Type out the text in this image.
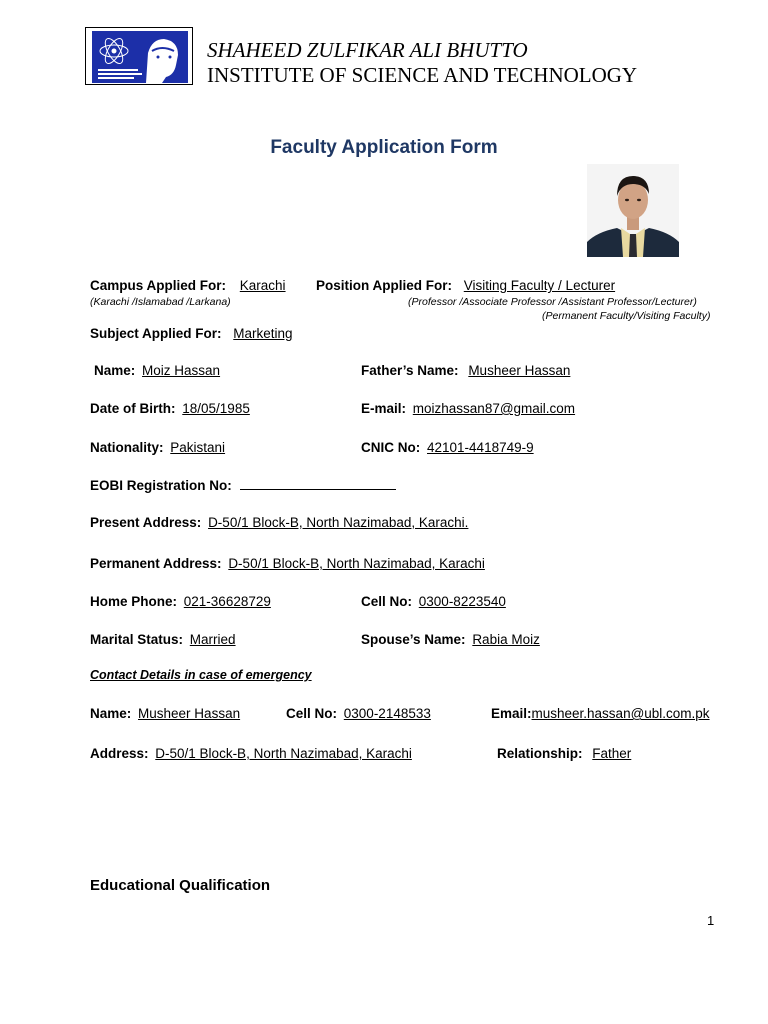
SHAHEED ZULFIKAR ALI BHUTTO
INSTITUTE OF SCIENCE AND TECHNOLOGY
Faculty Application Form
Campus Applied For: Karachi
(Karachi /Islamabad /Larkana)
Position Applied For: Visiting Faculty / Lecturer
(Professor /Associate Professor /Assistant Professor/Lecturer)
(Permanent Faculty/Visiting Faculty)
Subject Applied For: Marketing
Name: Moiz Hassan	Father’s Name: Musheer Hassan
Date of Birth: 18/05/1985	E-mail: moizhassan87@gmail.com
Nationality: Pakistani	CNIC No: 42101-4418749-9
EOBI Registration No:
Present Address: D-50/1 Block-B, North Nazimabad, Karachi.
Permanent Address: D-50/1 Block-B, North Nazimabad, Karachi
Home Phone: 021-36628729	Cell No: 0300-8223540
Marital Status: Married	Spouse’s Name: Rabia Moiz
Contact Details in case of emergency
Name: Musheer Hassan	Cell No: 0300-2148533	Email:musheer.hassan@ubl.com.pk
Address: D-50/1 Block-B, North Nazimabad, Karachi	Relationship: Father
Educational Qualification
1
